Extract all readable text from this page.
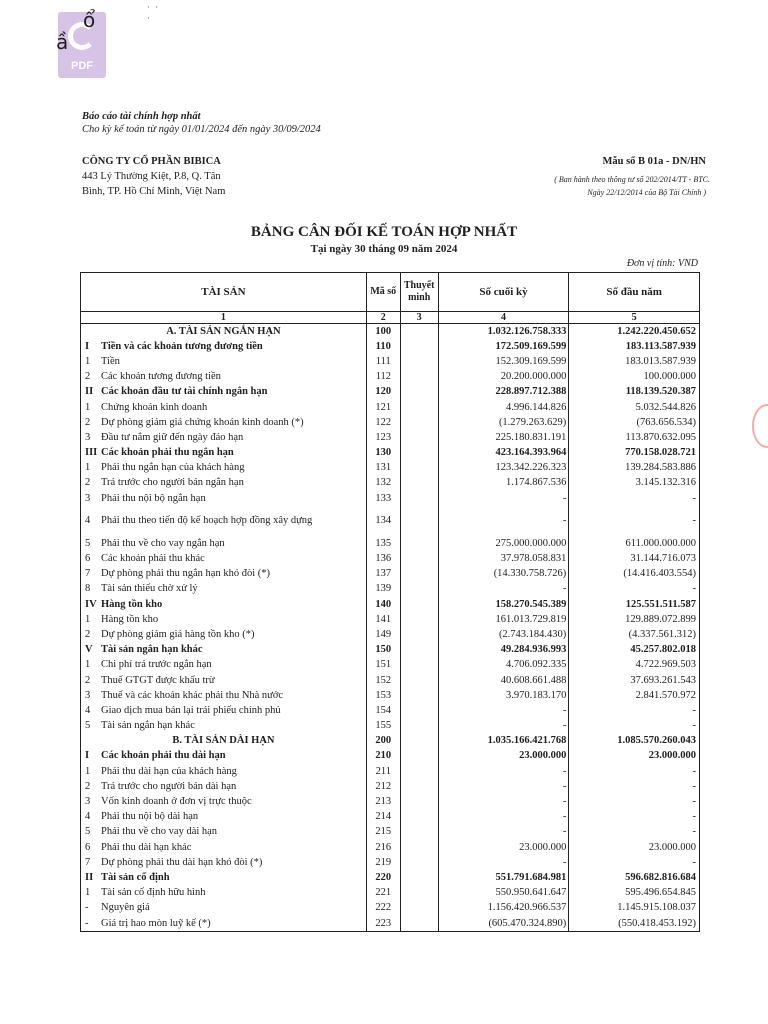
PDF
ổ
ầ
˙ ˙
˙
Báo cáo tài chính hợp nhất
Cho kỳ kế toán từ ngày 01/01/2024 đến ngày 30/09/2024
CÔNG TY CỔ PHẦN BIBICA
443 Lý Thường Kiệt, P.8, Q. Tân
Bình, TP. Hồ Chí Minh, Việt Nam
Mẫu số B 01a - DN/HN
( Ban hành theo thông tư số 202/2014/TT - BTC.
Ngày 22/12/2014 của Bộ Tài Chính )
BẢNG CÂN ĐỐI KẾ TOÁN HỢP NHẤT
Tại ngày 30 tháng 09 năm 2024
Đơn vị tính: VND
TÀI SẢN	Mã số	Thuyết minh	Số cuối kỳ	Số đầu năm
1	2	3	4	5
A. TÀI SẢN NGẮN HẠN	100		1.032.126.758.333	1.242.220.450.652
I Tiền và các khoản tương đương tiền	110		172.509.169.599	183.113.587.939
1 Tiền	111		152.309.169.599	183.013.587.939
2 Các khoản tương đương tiền	112		20.200.000.000	100.000.000
II Các khoản đầu tư tài chính ngắn hạn	120		228.897.712.388	118.139.520.387
1 Chứng khoán kinh doanh	121		4.996.144.826	5.032.544.826
2 Dự phòng giảm giá chứng khoán kinh doanh (*)	122		(1.279.263.629)	(763.656.534)
3 Đầu tư nắm giữ đến ngày đáo hạn	123		225.180.831.191	113.870.632.095
III Các khoản phải thu ngắn hạn	130		423.164.393.964	770.158.028.721
1 Phải thu ngắn hạn của khách hàng	131		123.342.226.323	139.284.583.886
2 Trả trước cho người bán ngắn hạn	132		1.174.867.536	3.145.132.316
3 Phải thu nội bộ ngắn hạn	133		-	-
4 Phải thu theo tiến độ kế hoạch hợp đồng xây dựng	134		-	-
5 Phải thu về cho vay ngắn hạn	135		275.000.000.000	611.000.000.000
6 Các khoản phải thu khác	136		37.978.058.831	31.144.716.073
7 Dự phòng phải thu ngắn hạn khó đòi (*)	137		(14.330.758.726)	(14.416.403.554)
8 Tài sản thiếu chờ xử lý	139		-	-
IV Hàng tồn kho	140		158.270.545.389	125.551.511.587
1 Hàng tồn kho	141		161.013.729.819	129.889.072.899
2 Dự phòng giảm giá hàng tồn kho (*)	149		(2.743.184.430)	(4.337.561.312)
V Tài sản ngắn hạn khác	150		49.284.936.993	45.257.802.018
1 Chi phí trả trước ngắn hạn	151		4.706.092.335	4.722.969.503
2 Thuế GTGT được khấu trừ	152		40.608.661.488	37.693.261.543
3 Thuế và các khoản khác phải thu Nhà nước	153		3.970.183.170	2.841.570.972
4 Giao dịch mua bán lại trái phiếu chính phủ	154		-	-
5 Tài sản ngắn hạn khác	155		-	-
B. TÀI SẢN DÀI HẠN	200		1.035.166.421.768	1.085.570.260.043
I Các khoản phải thu dài hạn	210		23.000.000	23.000.000
1 Phải thu dài hạn của khách hàng	211		-	-
2 Trả trước cho người bán dài hạn	212		-	-
3 Vốn kinh doanh ở đơn vị trực thuộc	213		-	-
4 Phải thu nội bộ dài hạn	214		-	-
5 Phải thu về cho vay dài hạn	215		-	-
6 Phải thu dài hạn khác	216		23.000.000	23.000.000
7 Dự phòng phải thu dài hạn khó đòi (*)	219		-	-
II Tài sản cố định	220		551.791.684.981	596.682.816.684
1 Tài sản cố định hữu hình	221		550.950.641.647	595.496.654.845
- Nguyên giá	222		1.156.420.966.537	1.145.915.108.037
- Giá trị hao mòn luỹ kế (*)	223		(605.470.324.890)	(550.418.453.192)
